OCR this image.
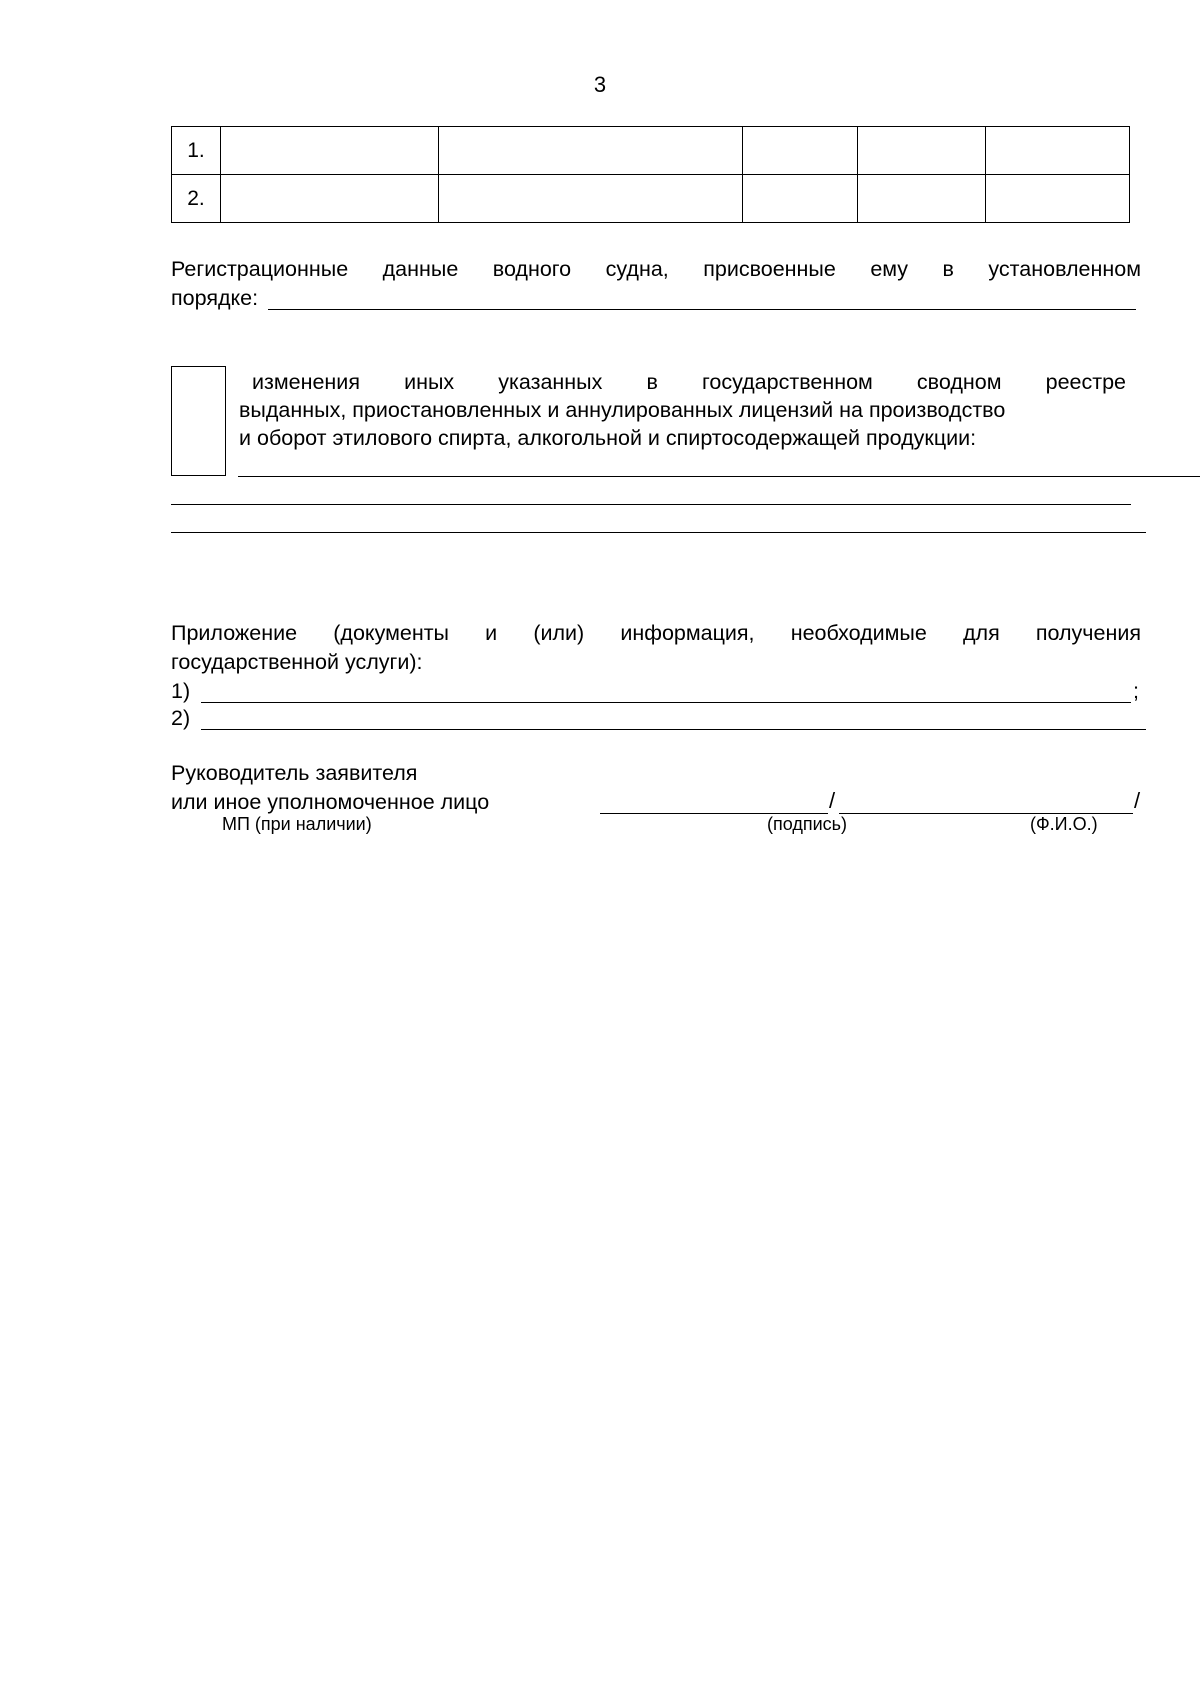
3
1.					
2.					
Регистрационные данные водного судна, присвоенные ему в установленном
порядке:
изменения иных указанных в государственном сводном реестре
выданных, приостановленных и аннулированных лицензий на производство
и оборот этилового спирта, алкогольной и спиртосодержащей продукции:
Приложение (документы и (или) информация, необходимые для получения
государственной услуги):
1)	;
2)
Руководитель заявителя
или иное уполномоченное лицо	/	/
МП (при наличии)	(подпись)	(Ф.И.О.)
